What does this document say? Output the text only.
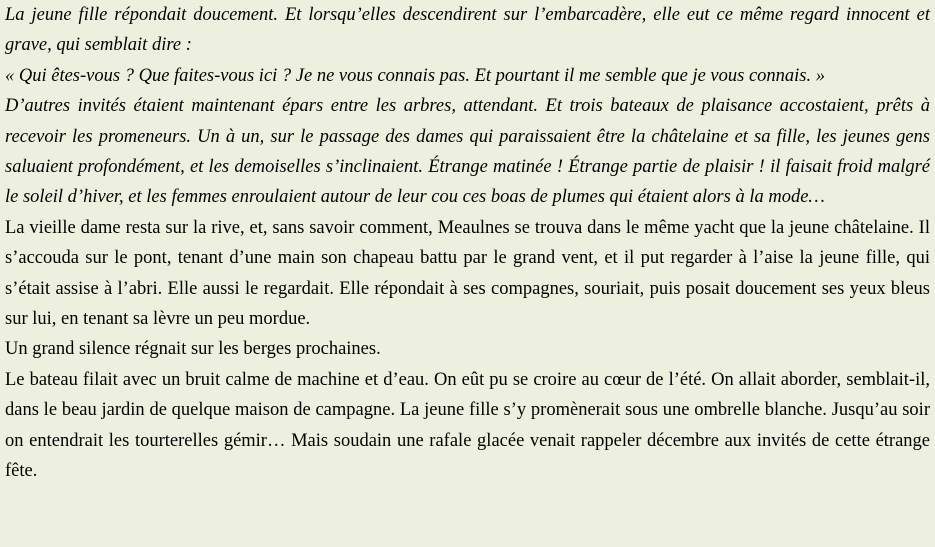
La jeune fille répondait doucement. Et lorsqu’elles descendirent sur l’embarcadère, elle eut ce même regard innocent et grave, qui semblait dire :

« Qui êtes-vous ? Que faites-vous ici ? Je ne vous connais pas. Et pourtant il me semble que je vous connais. »

D’autres invités étaient maintenant épars entre les arbres, attendant. Et trois bateaux de plaisance accostaient, prêts à recevoir les promeneurs. Un à un, sur le passage des dames qui paraissaient être la châtelaine et sa fille, les jeunes gens saluaient profondément, et les demoiselles s’inclinaient. Étrange matinée ! Étrange partie de plaisir ! il faisait froid malgré le soleil d’hiver, et les femmes enroulaient autour de leur cou ces boas de plumes qui étaient alors à la mode…

La vieille dame resta sur la rive, et, sans savoir comment, Meaulnes se trouva dans le même yacht que la jeune châtelaine. Il s’accouda sur le pont, tenant d’une main son chapeau battu par le grand vent, et il put regarder à l’aise la jeune fille, qui s’était assise à l’abri. Elle aussi le regardait. Elle répondait à ses compagnes, souriait, puis posait doucement ses yeux bleus sur lui, en tenant sa lèvre un peu mordue.

Un grand silence régnait sur les berges prochaines.

Le bateau filait avec un bruit calme de machine et d’eau. On eût pu se croire au cœur de l’été. On allait aborder, semblait-il, dans le beau jardin de quelque maison de campagne. La jeune fille s’y promènerait sous une ombrelle blanche. Jusqu’au soir on entendrait les tourterelles gémir… Mais soudain une rafale glacée venait rappeler décembre aux invités de cette étrange fête.
